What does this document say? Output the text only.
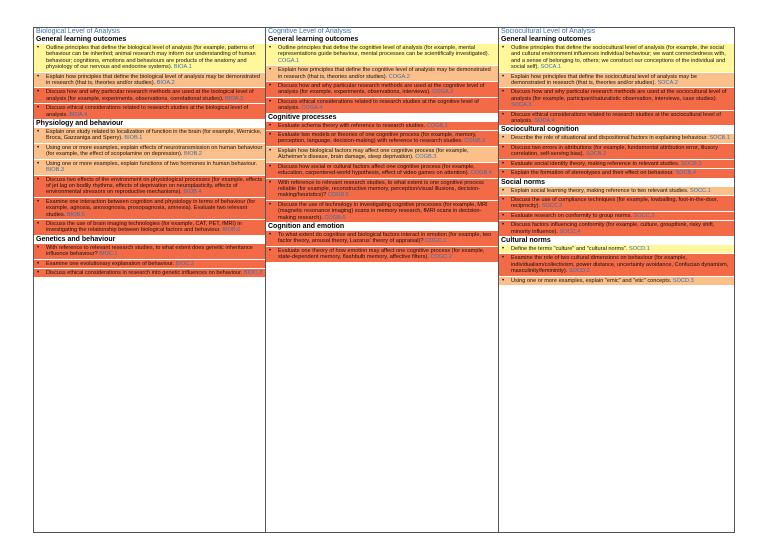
Biological Level of Analysis
General learning outcomes
•	Outline principles that define the biological level of analysis (for example, patterns of behaviour can be inherited; animal research may inform our understanding of human behaviour; cognitions, emotions and behaviours are products of the anatomy and physiology of our nervous and endocrine systems). BIOA.1
•	Explain how principles that define the biological level of analysis may be demonstrated in research (that is, theories and/or studies). BIOA.2
•	Discuss how and why particular research methods are used at the biological level of analysis (for example, experiments, observations, correlational studies). BIOA.3
•	Discuss ethical considerations related to research studies at the biological level of analysis. BIOA.4
Physiology and behaviour
•	Explain one study related to localization of function in the brain (for example, Wernicke, Broca, Gazzaniga and Sperry). BIOB.1
•	Using one or more examples, explain effects of neurotransmission on human behaviour (for example, the effect of scopolamine on depression). BIOB.2
•	Using one or more examples, explain functions of two hormones in human behaviour. BIOB.3
•	Discuss two effects of the environment on physiological processes (for example, effects of jet lag on bodily rhythms, effects of deprivation on neuroplasticity, effects of environmental stressors on reproductive mechanisms). BIOB.4
•	Examine one interaction between cognition and physiology in terms of behaviour (for example, agnosia, anosognosia, prosopagnosia, amnesia). Evaluate two relevant studies. BIOB.5
•	Discuss the use of brain imaging technologies (for example, CAT, PET, fMRI) in investigating the relationship between biological factors and behaviour. BIOB.6
Genetics and behaviour
•	With reference to relevant research studies, to what extent does genetic inheritance influence behaviour? BIOC.1
•	Examine one evolutionary explanation of behaviour. BIOC.2
•	Discuss ethical considerations in research into genetic influences on behaviour. BIOC.3
Cognitive Level of Analysis
General learning outcomes
•	Outline principles that define the cognitive level of analysis (for example, mental representations guide behaviour, mental processes can be scientifically investigated). COGA.1
•	Explain how principles that define the cognitive level of analysis may be demonstrated in research (that is, theories and/or studies). COGA.2
•	Discuss how and why particular research methods are used at the cognitive level of analysis (for example, experiments, observations, interviews). COGA.3
•	Discuss ethical considerations related to research studies at the cognitive level of analysis. COGA.4
Cognitive processes
•	Evaluate schema theory with reference to research studies. COGB.1
•	Evaluate two models or theories of one cognitive process (for example, memory, perception, language, decision-making) with reference to research studies. COGB.2
•	Explain how biological factors may affect one cognitive process (for example, Alzheimer's disease, brain damage, sleep deprivation). COGB.3
•	Discuss how social or cultural factors affect one cognitive process (for example, education, carpentered-world hypothesis, effect of video games on attention). COGB.4
•	With reference to relevant research studies, to what extent is one cognitive process reliable (for example, reconstructive memory, perception/visual illusions, decision-making/heuristics)? COGB.5
•	Discuss the use of technology in investigating cognitive processes (for example, MRI (magnetic resonance imaging) scans in memory research, fMRI scans in decision-making research). COGB.6
Cognition and emotion
•	To what extent do cognitive and biological factors interact in emotion (for example, two factor theory, arousal theory, Lazarus' theory of appraisal)? COGC.1
•	Evaluate one theory of how emotion may affect one cognitive process (for example, state-dependent memory, flashbulb memory, affective filters). COGC.2
Sociocultural Level of Analysis
General learning outcomes
•	Outline principles that define the sociocultural level of analysis (for example, the social and cultural environment influences individual behaviour; we want connectedness with, and a sense of belonging to, others; we construct our conceptions of the individual and social self). SOCA.1
•	Explain how principles that define the sociocultural level of analysis may be demonstrated in research (that is, theories and/or studies). SOCA.2
•	Discuss how and why particular research methods are used at the sociocultural level of analysis (for example, participant/naturalistic observation, interviews, case studies). SOCA.3
•	Discuss ethical considerations related to research studies at the sociocultural level of analysis. SOCA.4
Sociocultural cognition
•	Describe the role of situational and dispositional factors in explaining behaviour. SOCB.1
•	Discuss two errors in attributions (for example, fundamental attribution error, illusory correlation, self-serving bias). SOCB.2
•	Evaluate social identity theory, making reference to relevant studies. SOCB.3
•	Explain the formation of stereotypes and their effect on behaviour. SOCB.4
Social norms
•	Explain social learning theory, making reference to two relevant studies. SOCC.1
•	Discuss the use of compliance techniques (for example, lowballing, foot-in-the-door, reciprocity). SOCC.2
•	Evaluate research on conformity to group norms. SOCC.3
•	Discuss factors influencing conformity (for example, culture, groupthink, risky shift, minority influence). SOCC.4
Cultural norms
•	Define the terms "culture" and "cultural norms". SOCD.1
•	Examine the role of two cultural dimensions on behaviour (for example, individualism/collectivism, power distance, uncertainty avoidance, Confucian dynamism, masculinity/femininity). SOCD.2
•	Using one or more examples, explain "emic" and "etic" concepts. SOCD.3
